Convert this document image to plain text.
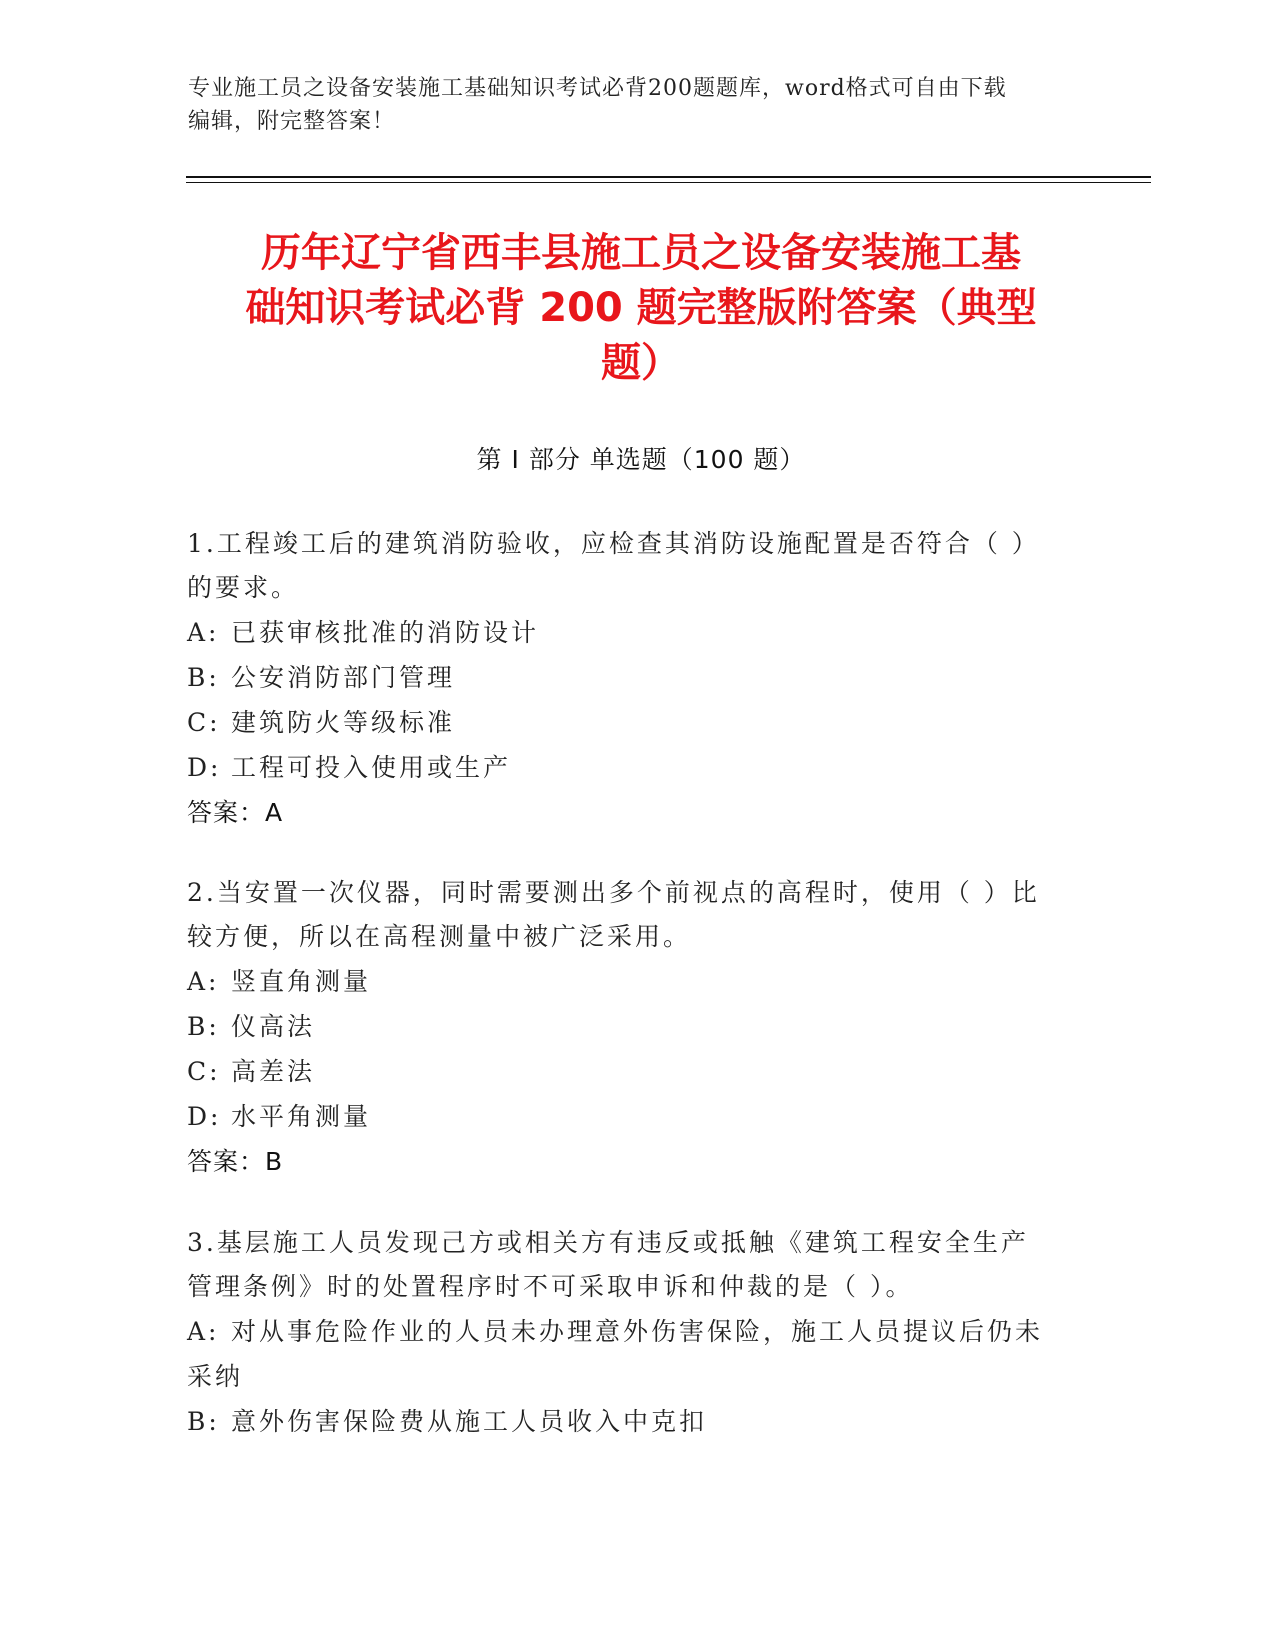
专业施工员之设备安装施工基础知识考试必背200题题库，word格式可自由下载
编辑，附完整答案！
历年辽宁省西丰县施工员之设备安装施工基
础知识考试必背 200 题完整版附答案（典型
题）
第 I 部分 单选题（100 题）
1.工程竣工后的建筑消防验收，应检查其消防设施配置是否符合（ ）
的要求。
A: 已获审核批准的消防设计
B: 公安消防部门管理
C: 建筑防火等级标准
D: 工程可投入使用或生产
答案：A
2.当安置一次仪器，同时需要测出多个前视点的高程时，使用（ ）比
较方便，所以在高程测量中被广泛采用。
A: 竖直角测量
B: 仪高法
C: 高差法
D: 水平角测量
答案：B
3.基层施工人员发现己方或相关方有违反或抵触《建筑工程安全生产
管理条例》时的处置程序时不可采取申诉和仲裁的是（ ）。
A: 对从事危险作业的人员未办理意外伤害保险，施工人员提议后仍未
采纳
B: 意外伤害保险费从施工人员收入中克扣
